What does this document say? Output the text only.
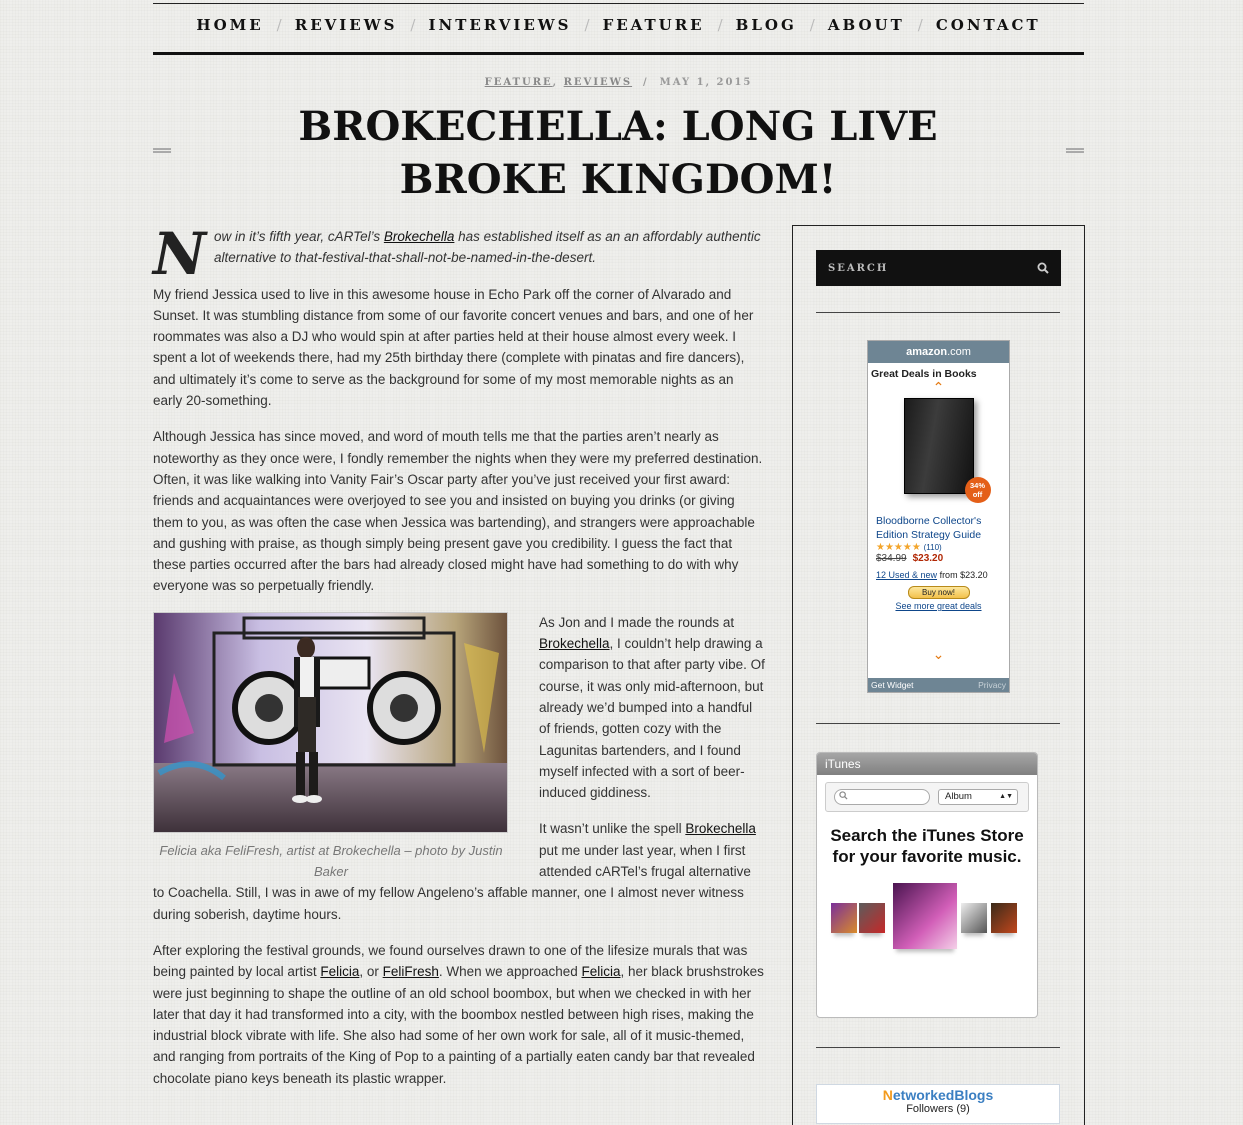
HOME / REVIEWS / INTERVIEWS / FEATURE / BLOG / ABOUT / CONTACT
FEATURE, REVIEWS / MAY 1, 2015
BROKECHELLA: LONG LIVE BROKE KINGDOM!

Now in it’s fifth year, cARTel’s Brokechella has established itself as an an affordably authentic alternative to that-festival-that-shall-not-be-named-in-the-desert.

My friend Jessica used to live in this awesome house in Echo Park off the corner of Alvarado and Sunset. It was stumbling distance from some of our favorite concert venues and bars, and one of her roommates was also a DJ who would spin at after parties held at their house almost every week. I spent a lot of weekends there, had my 25th birthday there (complete with pinatas and fire dancers), and ultimately it’s come to serve as the background for some of my most memorable nights as an early 20-something.

Although Jessica has since moved, and word of mouth tells me that the parties aren’t nearly as noteworthy as they once were, I fondly remember the nights when they were my preferred destination. Often, it was like walking into Vanity Fair’s Oscar party after you’ve just received your first award: friends and acquaintances were overjoyed to see you and insisted on buying you drinks (or giving them to you, as was often the case when Jessica was bartending), and strangers were approachable and gushing with praise, as though simply being present gave you credibility. I guess the fact that these parties occurred after the bars had already closed might have had something to do with why everyone was so perpetually friendly.

Felicia aka FeliFresh, artist at Brokechella – photo by Justin Baker

As Jon and I made the rounds at Brokechella, I couldn’t help drawing a comparison to that after party vibe. Of course, it was only mid-afternoon, but already we’d bumped into a handful of friends, gotten cozy with the Lagunitas bartenders, and I found myself infected with a sort of beer-induced giddiness.

It wasn’t unlike the spell Brokechella put me under last year, when I first attended cARTel’s frugal alternative to Coachella. Still, I was in awe of my fellow Angeleno’s affable manner, one I almost never witness during soberish, daytime hours.

After exploring the festival grounds, we found ourselves drawn to one of the lifesize murals that was being painted by local artist Felicia, or FeliFresh. When we approached Felicia, her black brushstrokes were just beginning to shape the outline of an old school boombox, but when we checked in with her later that day it had transformed into a city, with the boombox nestled between high rises, making the industrial block vibrate with life. She also had some of her own work for sale, all of it music-themed, and ranging from portraits of the King of Pop to a painting of a partially eaten candy bar that revealed chocolate piano keys beneath its plastic wrapper.

SEARCH
amazon.com
Great Deals in Books
⌃
34%
off
Bloodborne Collector's Edition Strategy Guide
★★★★★ (110)
$34.99 $23.20
12 Used & new from $23.20
Buy now!
See more great deals
⌄
Get Widget	Privacy
iTunes
Album	▲▼
Search the iTunes Store for your favorite music.
NetworkedBlogs
Followers (9)
